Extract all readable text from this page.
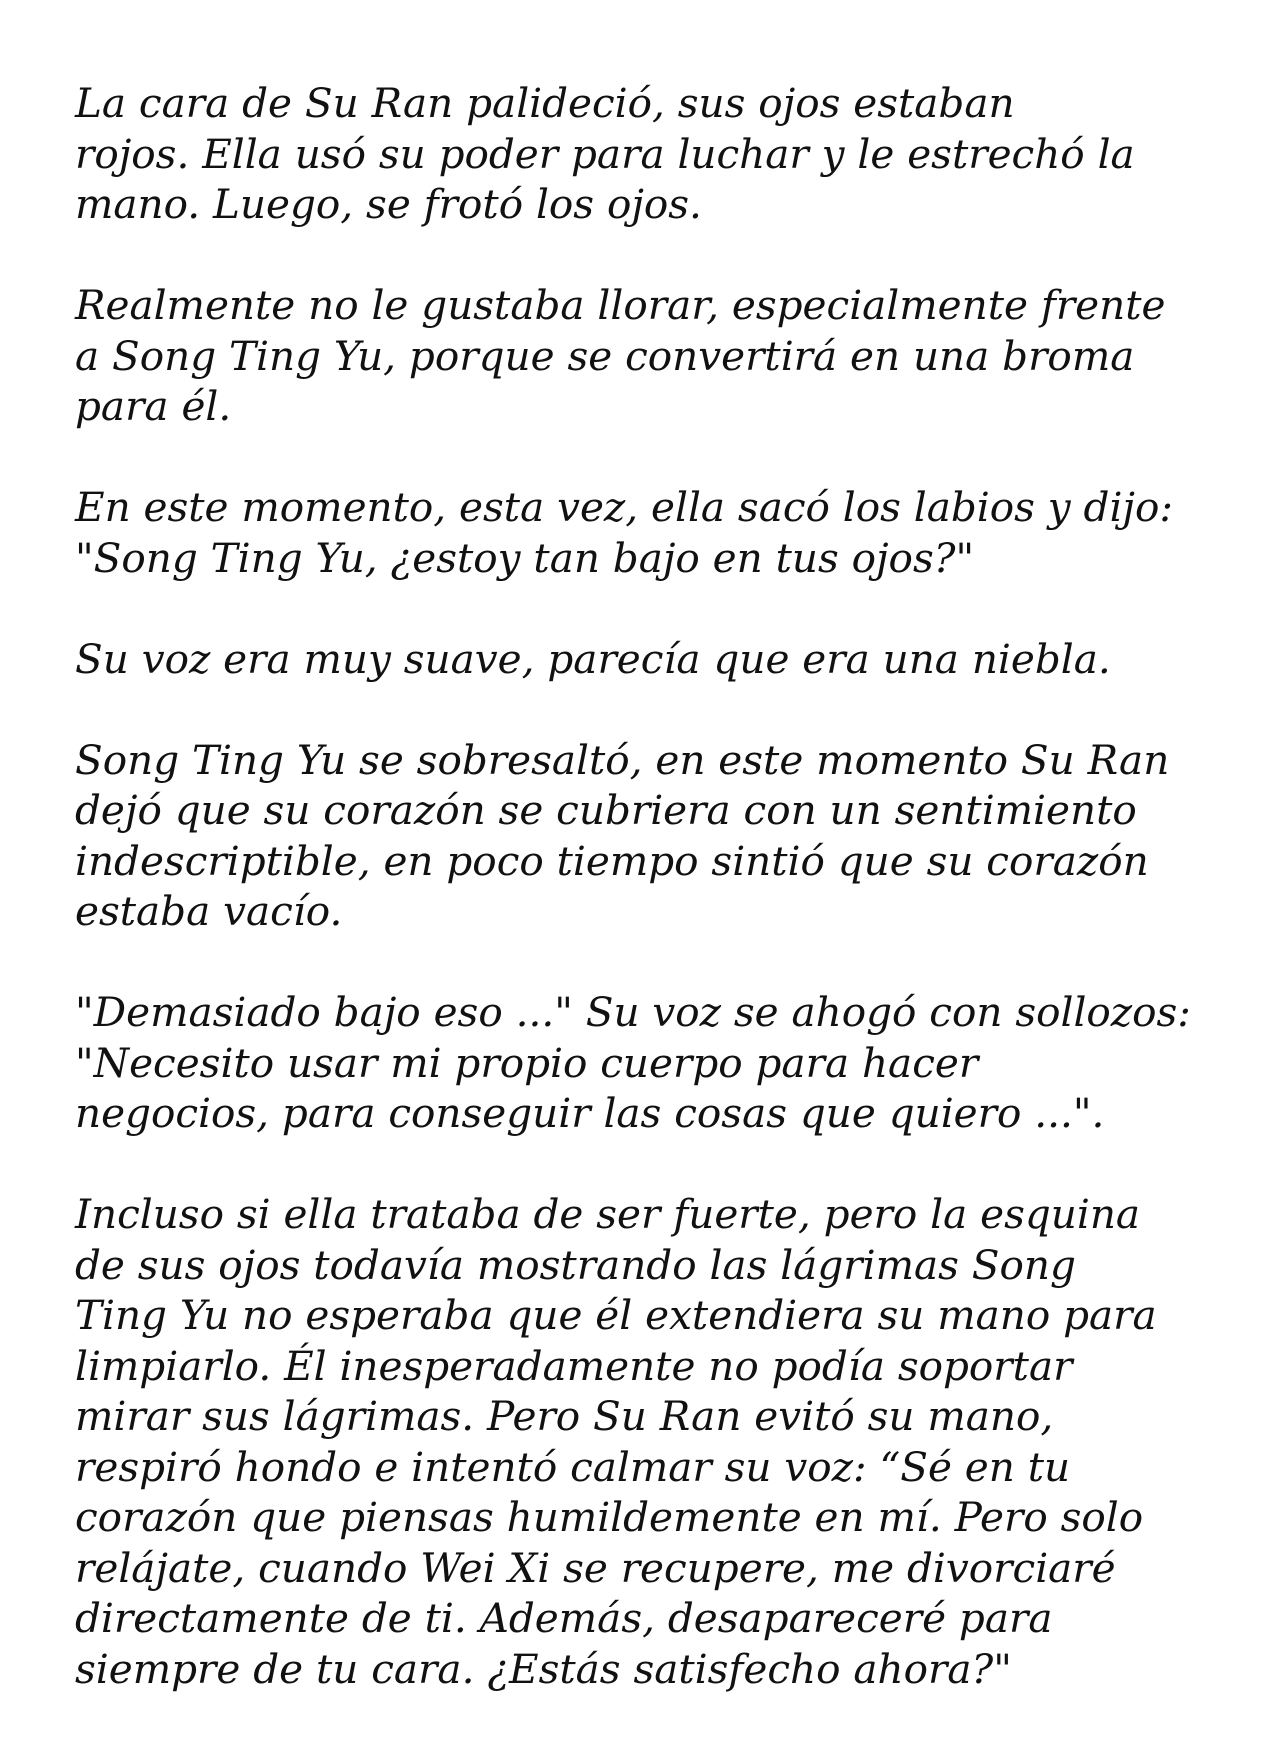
La cara de Su Ran palideció, sus ojos estaban
rojos. Ella usó su poder para luchar y le estrechó la
mano. Luego, se frotó los ojos.

Realmente no le gustaba llorar, especialmente frente
a Song Ting Yu, porque se convertirá en una broma
para él.

En este momento, esta vez, ella sacó los labios y dijo:
"Song Ting Yu, ¿estoy tan bajo en tus ojos?"

Su voz era muy suave, parecía que era una niebla.

Song Ting Yu se sobresaltó, en este momento Su Ran
dejó que su corazón se cubriera con un sentimiento
indescriptible, en poco tiempo sintió que su corazón
estaba vacío.

"Demasiado bajo eso ..." Su voz se ahogó con sollozos:
"Necesito usar mi propio cuerpo para hacer
negocios, para conseguir las cosas que quiero ...".

Incluso si ella trataba de ser fuerte, pero la esquina
de sus ojos todavía mostrando las lágrimas Song
Ting Yu no esperaba que él extendiera su mano para
limpiarlo. Él inesperadamente no podía soportar
mirar sus lágrimas. Pero Su Ran evitó su mano,
respiró hondo e intentó calmar su voz: “Sé en tu
corazón que piensas humildemente en mí. Pero solo
relájate, cuando Wei Xi se recupere, me divorciaré
directamente de ti. Además, desapareceré para
siempre de tu cara. ¿Estás satisfecho ahora?"
